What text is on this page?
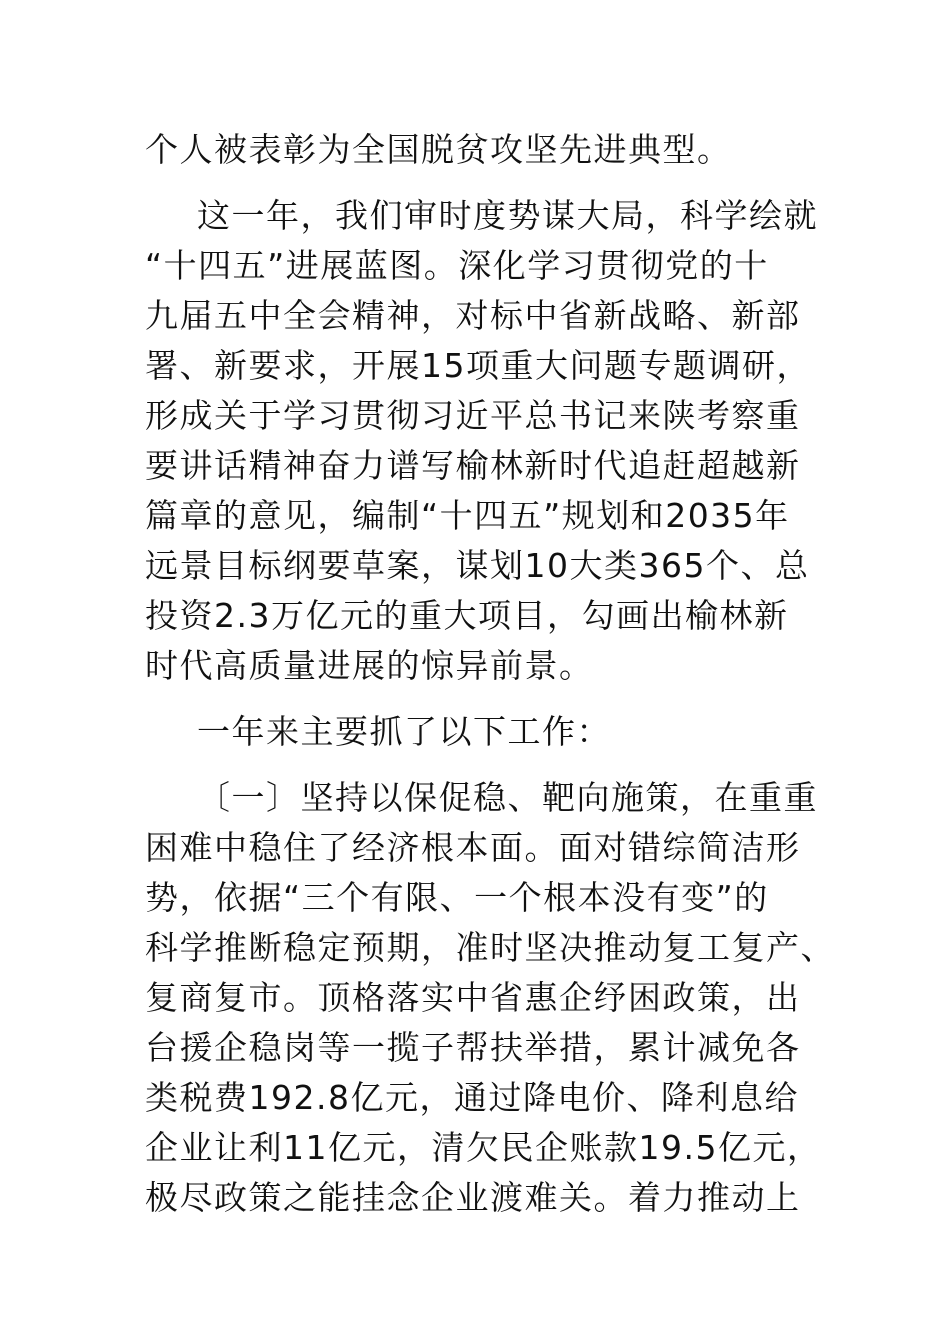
个人被表彰为全国脱贫攻坚先进典型。
这一年，我们审时度势谋大局，科学绘就
“十四五”进展蓝图。深化学习贯彻党的十
九届五中全会精神，对标中省新战略、新部
署、新要求，开展15项重大问题专题调研，
形成关于学习贯彻习近平总书记来陕考察重
要讲话精神奋力谱写榆林新时代追赶超越新
篇章的意见，编制“十四五”规划和2035年
远景目标纲要草案，谋划10大类365个、总
投资2.3万亿元的重大项目，勾画出榆林新
时代高质量进展的惊异前景。
一年来主要抓了以下工作：
〔一〕坚持以保促稳、靶向施策，在重重
困难中稳住了经济根本面。面对错综简洁形
势，依据“三个有限、一个根本没有变”的
科学推断稳定预期，准时坚决推动复工复产、
复商复市。顶格落实中省惠企纾困政策，出
台援企稳岗等一揽子帮扶举措，累计减免各
类税费192.8亿元，通过降电价、降利息给
企业让利11亿元，清欠民企账款19.5亿元，
极尽政策之能挂念企业渡难关。着力推动上
